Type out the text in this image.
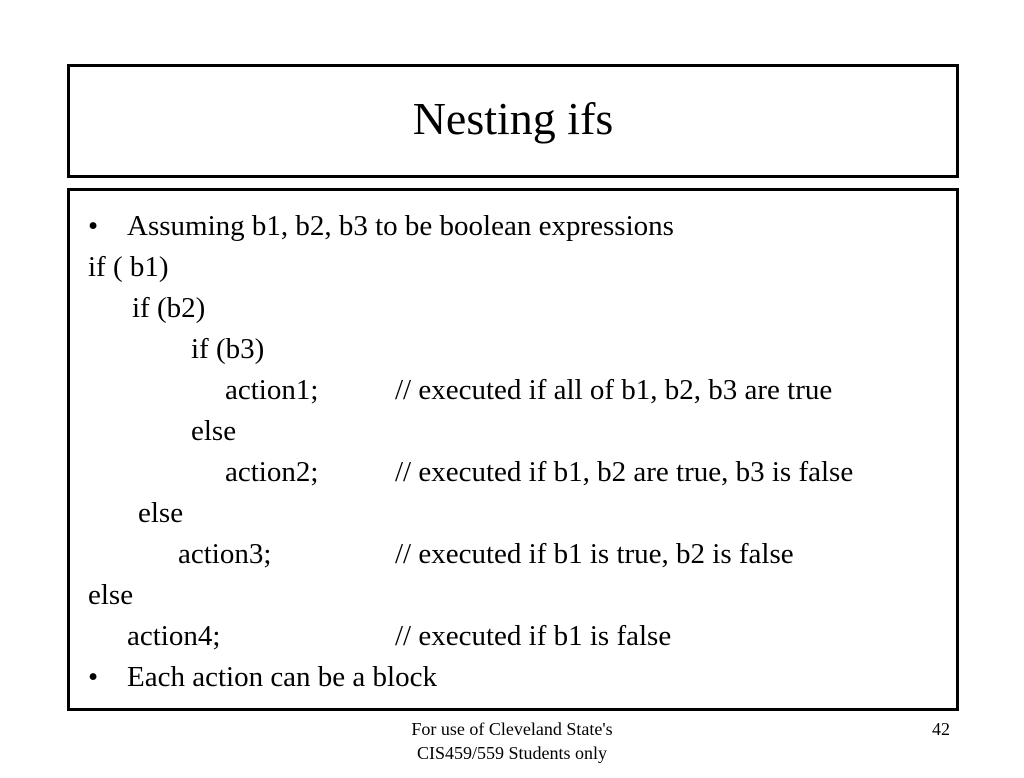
Nesting ifs
• Assuming b1, b2, b3 to be boolean expressions
if ( b1)
if (b2)
if (b3)
action1;	// executed if all of b1, b2, b3 are true
else
action2;	// executed if b1, b2 are true, b3 is false
else
action3;	// executed if b1 is true, b2 is false
else
action4;	// executed if b1 is false
• Each action can be a block
For use of Cleveland State's
CIS459/559 Students only
42
